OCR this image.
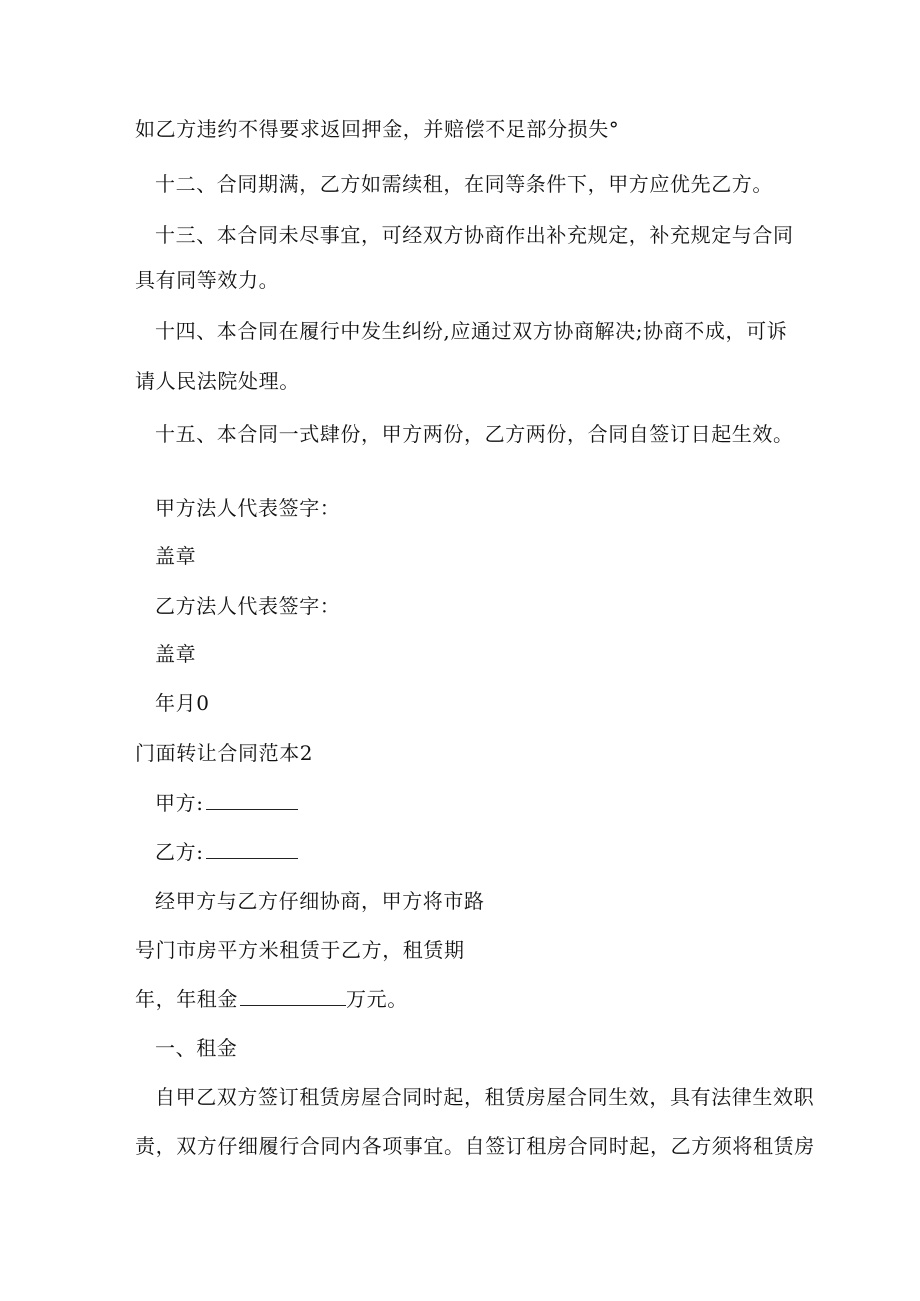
如乙方违约不得要求返回押金，并赔偿不足部分损失°
十二、合同期满，乙方如需续租，在同等条件下，甲方应优先乙方。
十三、本合同未尽事宜，可经双方协商作出补充规定，补充规定与合同
具有同等效力。
十四、本合同在履行中发生纠纷,应通过双方协商解决;协商不成，可诉
请人民法院处理。
十五、本合同一式肆份，甲方两份，乙方两份，合同自签订日起生效。
甲方法人代表签字：
盖章
乙方法人代表签字：
盖章
年月0
门面转让合同范本2
甲方:
乙方:
经甲方与乙方仔细协商，甲方将市路
号门市房平方米租赁于乙方，租赁期
年，年租金	万元。
一、租金
自甲乙双方签订租赁房屋合同时起，租赁房屋合同生效，具有法律生效职
责，双方仔细履行合同内各项事宜。自签订租房合同时起，乙方须将租赁房
